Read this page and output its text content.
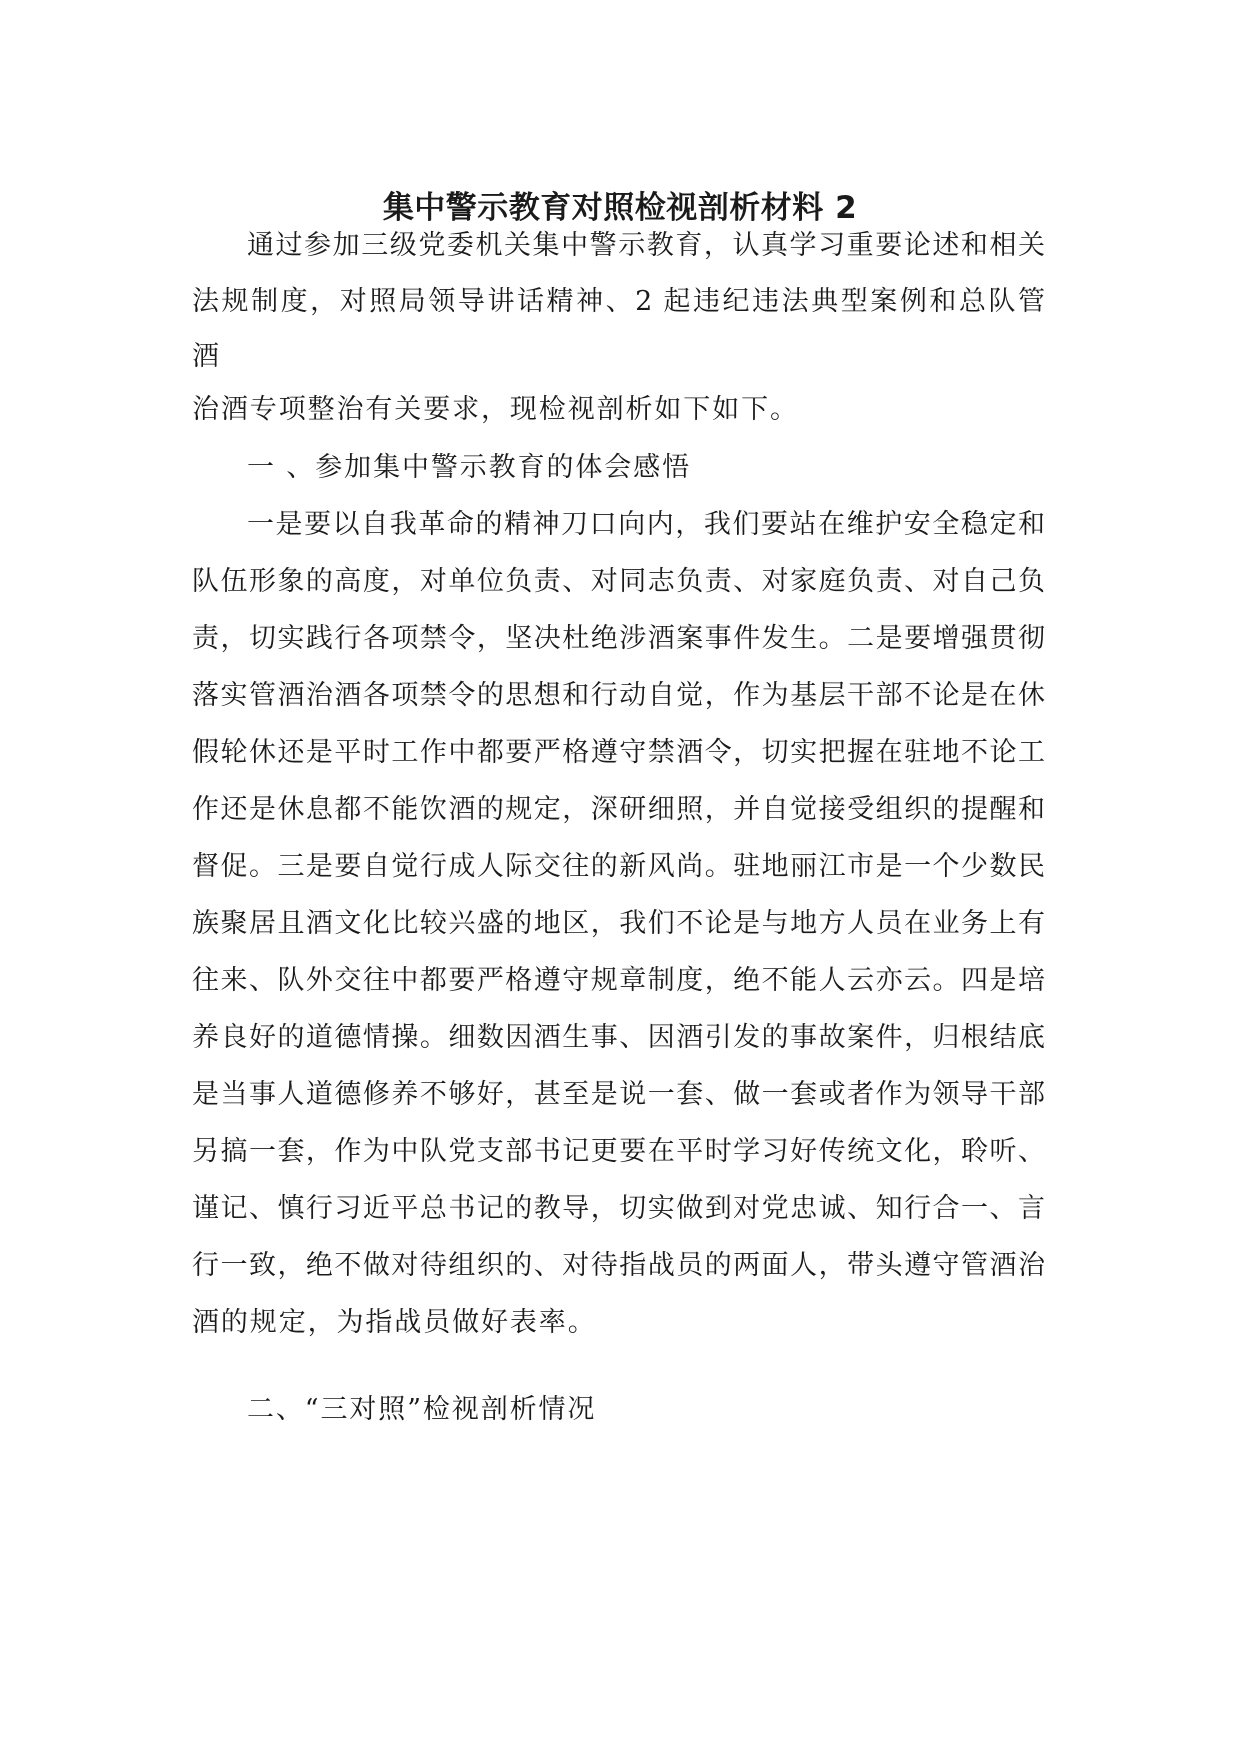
集中警示教育对照检视剖析材料 2
通过参加三级党委机关集中警示教育，认真学习重要论述和相关
法规制度，对照局领导讲话精神、2 起违纪违法典型案例和总队管
酒
治酒专项整治有关要求，现检视剖析如下如下。
一 、参加集中警示教育的体会感悟
一是要以自我革命的精神刀口向内，我们要站在维护安全稳定和
队伍形象的高度，对单位负责、对同志负责、对家庭负责、对自己负
责，切实践行各项禁令，坚决杜绝涉酒案事件发生。二是要增强贯彻
落实管酒治酒各项禁令的思想和行动自觉，作为基层干部不论是在休
假轮休还是平时工作中都要严格遵守禁酒令，切实把握在驻地不论工
作还是休息都不能饮酒的规定，深研细照，并自觉接受组织的提醒和
督促。三是要自觉行成人际交往的新风尚。驻地丽江市是一个少数民
族聚居且酒文化比较兴盛的地区，我们不论是与地方人员在业务上有
往来、队外交往中都要严格遵守规章制度，绝不能人云亦云。四是培
养良好的道德情操。细数因酒生事、因酒引发的事故案件，归根结底
是当事人道德修养不够好，甚至是说一套、做一套或者作为领导干部
另搞一套，作为中队党支部书记更要在平时学习好传统文化，聆听、
谨记、慎行习近平总书记的教导，切实做到对党忠诚、知行合一、言
行一致，绝不做对待组织的、对待指战员的两面人，带头遵守管酒治
酒的规定，为指战员做好表率。
二、“三对照”检视剖析情况
